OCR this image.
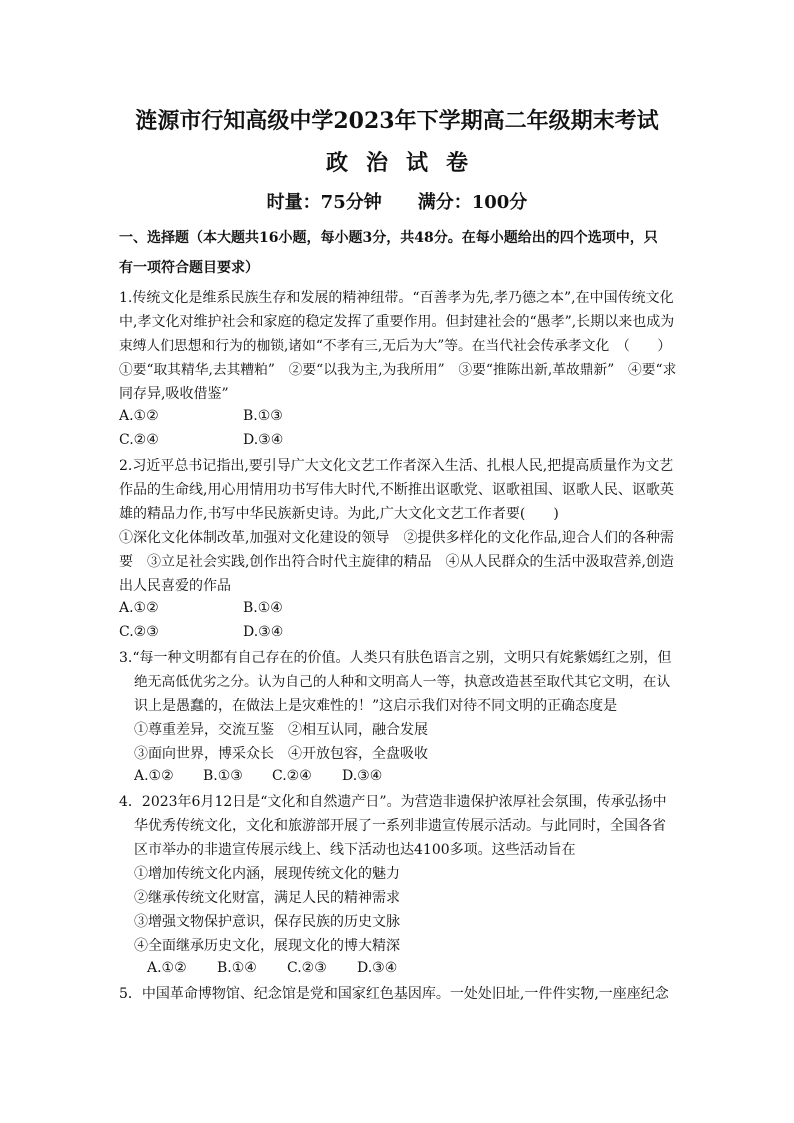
涟源市行知高级中学2023年下学期高二年级期末考试
政治试卷
时量：75分钟 满分：100分
一、选择题（本大题共16小题，每小题3分，共48分。在每小题给出的四个选项中，只
有一项符合题目要求）
1.传统文化是维系民族生存和发展的精神纽带。“百善孝为先,孝乃德之本”,在中国传统文化
中,孝文化对维护社会和家庭的稳定发挥了重要作用。但封建社会的“愚孝”,长期以来也成为
束缚人们思想和行为的枷锁,诸如“不孝有三,无后为大”等。在当代社会传承孝文化　（　　）
①要“取其精华,去其糟粕”　②要“以我为主,为我所用”　③要“推陈出新,革故鼎新”　④要“求
同存异,吸收借鉴”
A.①②	B.①③
C.②④	D.③④
2.习近平总书记指出,要引导广大文化文艺工作者深入生活、扎根人民,把提高质量作为文艺
作品的生命线,用心用情用功书写伟大时代,不断推出讴歌党、讴歌祖国、讴歌人民、讴歌英
雄的精品力作,书写中华民族新史诗。为此,广大文化文艺工作者要(　　)
①深化文化体制改革,加强对文化建设的领导　②提供多样化的文化作品,迎合人们的各种需
要　③立足社会实践,创作出符合时代主旋律的精品　④从人民群众的生活中汲取营养,创造
出人民喜爱的作品
A.①②	B.①④
C.②③	D.③④
3.“每一种文明都有自己存在的价值。人类只有肤色语言之别，文明只有姹紫嫣红之别，但
绝无高低优劣之分。认为自己的人种和文明高人一等，执意改造甚至取代其它文明，在认
识上是愚蠢的，在做法上是灾难性的！”这启示我们对待不同文明的正确态度是
①尊重差异，交流互鉴　②相互认同，融合发展
③面向世界，博采众长　④开放包容，全盘吸收
A.①② B.①③ C.②④ D.③④
4．2023年6月12日是“文化和自然遗产日”。为营造非遗保护浓厚社会氛围，传承弘扬中
华优秀传统文化，文化和旅游部开展了一系列非遗宣传展示活动。与此同时，全国各省
区市举办的非遗宣传展示线上、线下活动也达4100多项。这些活动旨在
①增加传统文化内涵，展现传统文化的魅力
②继承传统文化财富，满足人民的精神需求
③增强文物保护意识，保存民族的历史文脉
④全面继承历史文化，展现文化的博大精深
A.①② B.①④ C.②③ D.③④
5．中国革命博物馆、纪念馆是党和国家红色基因库。一处处旧址,一件件实物,一座座纪念
